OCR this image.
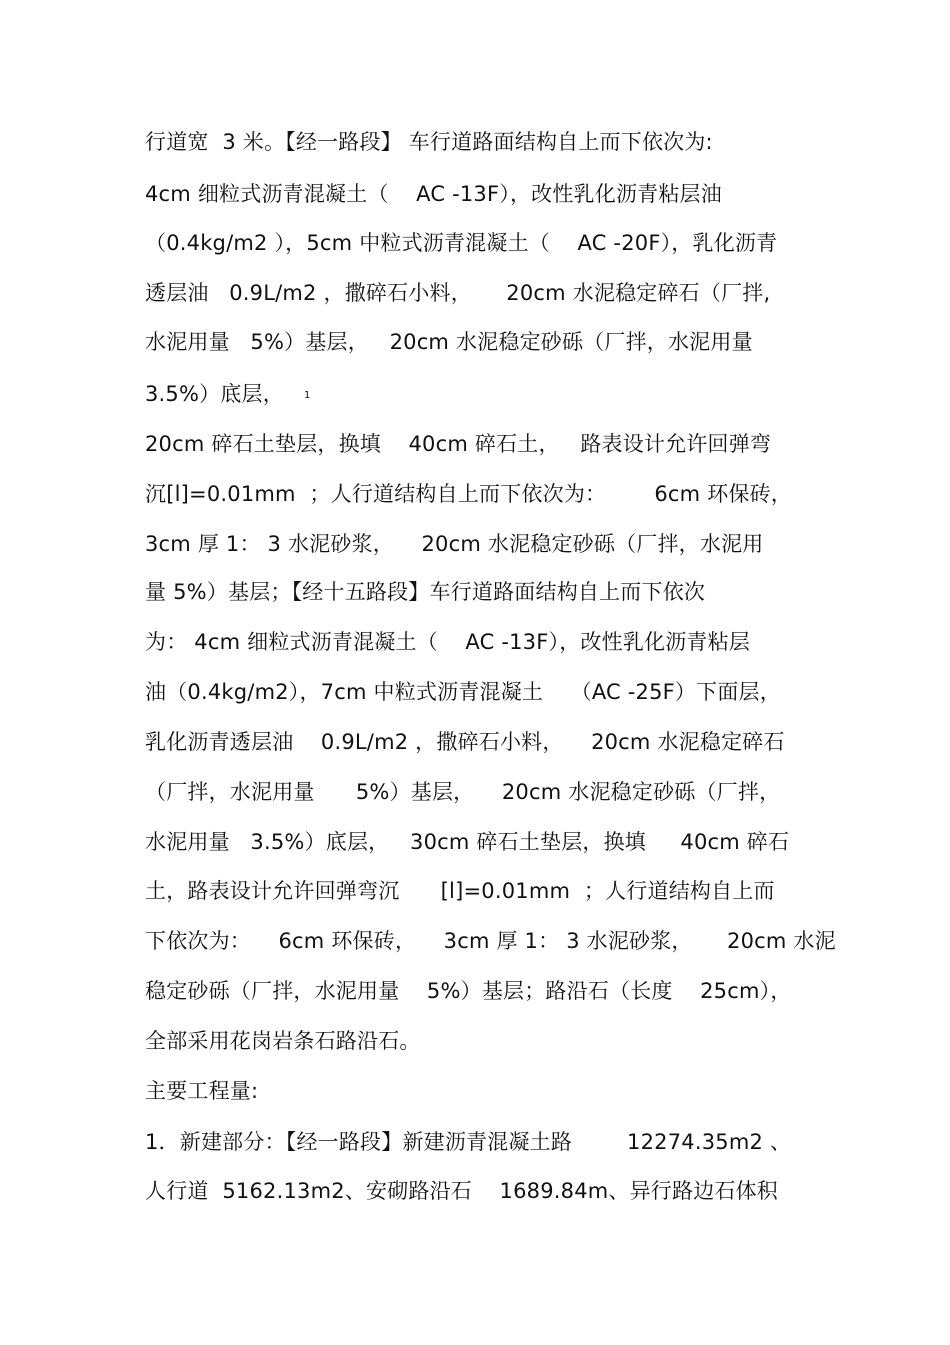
行道宽  3 米。【经一路段】 车行道路面结构自上而下依次为:
4cm 细粒式沥青混凝土（    AC -13F），改性乳化沥青粘层油
（0.4kg/m2 ），5cm 中粒式沥青混凝土（    AC -20F），乳化沥青
透层油   0.9L/m2 ，撒碎石小料，     20cm 水泥稳定碎石（厂拌,
水泥用量   5%）基层，   20cm 水泥稳定砂砾（厂拌，水泥用量
3.5%）底层， 1
20cm 碎石土垫层，换填    40cm 碎石土，   路表设计允许回弹弯
沉[l]=0.01mm  ；人行道结构自上而下依次为：       6cm 环保砖，
3cm 厚 1： 3 水泥砂浆，    20cm 水泥稳定砂砾（厂拌，水泥用
量 5%）基层；【经十五路段】车行道路面结构自上而下依次
为： 4cm 细粒式沥青混凝土（    AC -13F），改性乳化沥青粘层
油（0.4kg/m2），7cm 中粒式沥青混凝土    （AC -25F）下面层，
乳化沥青透层油    0.9L/m2 ，撒碎石小料，    20cm 水泥稳定碎石
（厂拌，水泥用量      5%）基层，    20cm 水泥稳定砂砾（厂拌，
水泥用量   3.5%）底层，   30cm 碎石土垫层，换填     40cm 碎石
土，路表设计允许回弹弯沉      [l]=0.01mm  ；人行道结构自上而
下依次为：    6cm 环保砖，    3cm 厚 1： 3 水泥砂浆，     20cm 水泥
稳定砂砾（厂拌，水泥用量    5%）基层；路沿石（长度    25cm），
全部采用花岗岩条石路沿石。
主要工程量:
1．新建部分：【经一路段】新建沥青混凝土路        12274.35m2 、
人行道  5162.13m2、安砌路沿石    1689.84m、异行路边石体积
